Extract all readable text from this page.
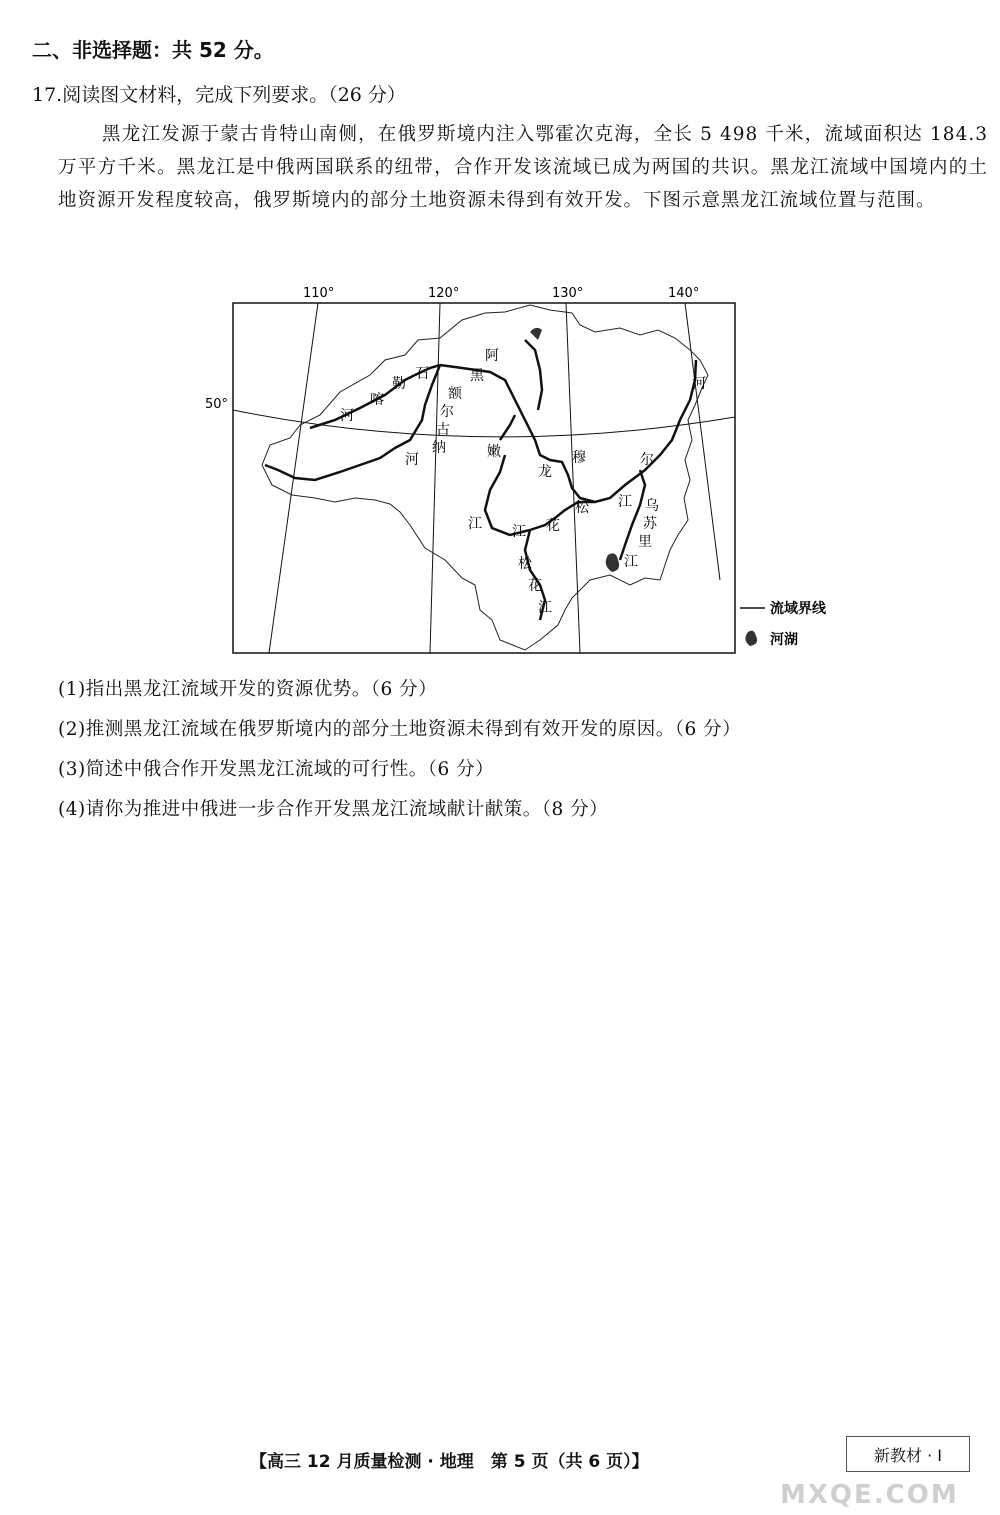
二、非选择题：共 52 分。
17.阅读图文材料，完成下列要求。（26 分）
黑龙江发源于蒙古肯特山南侧，在俄罗斯境内注入鄂霍次克海，全长 5 498 千米，流域面积达 184.3 万平方千米。黑龙江是中俄两国联系的纽带，合作开发该流域已成为两国的共识。黑龙江流域中国境内的土地资源开发程度较高，俄罗斯境内的部分土地资源未得到有效开发。下图示意黑龙江流域位置与范围。
110°	120°	130°	140°
50°
石
勒
喀
河
额
尔
古
纳
河
阿
黑
龙
穆	尔
河
嫩
江
松
花
江
江 花
松 江 乌
苏
里
江
流域界线
河湖
(1)指出黑龙江流域开发的资源优势。（6 分）
(2)推测黑龙江流域在俄罗斯境内的部分土地资源未得到有效开发的原因。（6 分）
(3)简述中俄合作开发黑龙江流域的可行性。（6 分）
(4)请你为推进中俄进一步合作开发黑龙江流域献计献策。（8 分）
【高三 12 月质量检测 · 地理　第 5 页（共 6 页）】	新教材 · I
MXQE.COM
